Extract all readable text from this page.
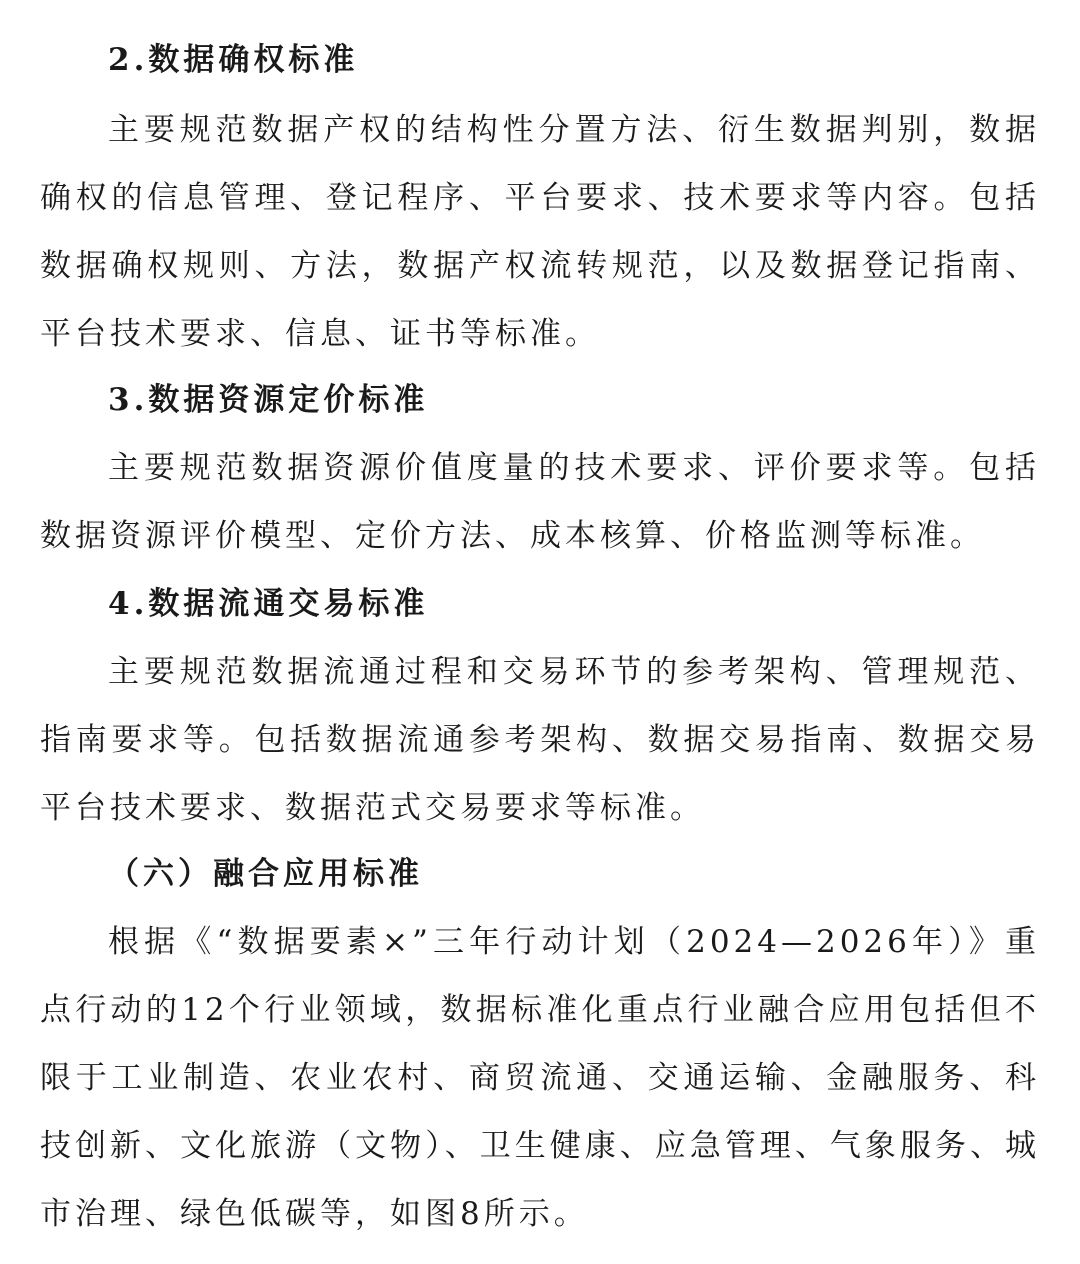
2.数据确权标准

主要规范数据产权的结构性分置方法、衍生数据判别，数据确权的信息管理、登记程序、平台要求、技术要求等内容。包括数据确权规则、方法，数据产权流转规范，以及数据登记指南、平台技术要求、信息、证书等标准。

3.数据资源定价标准

主要规范数据资源价值度量的技术要求、评价要求等。包括数据资源评价模型、定价方法、成本核算、价格监测等标准。

4.数据流通交易标准

主要规范数据流通过程和交易环节的参考架构、管理规范、指南要求等。包括数据流通参考架构、数据交易指南、数据交易平台技术要求、数据范式交易要求等标准。

（六）融合应用标准

根据《“数据要素×”三年行动计划（2024—2026年）》重点行动的12个行业领域，数据标准化重点行业融合应用包括但不限于工业制造、农业农村、商贸流通、交通运输、金融服务、科技创新、文化旅游（文物）、卫生健康、应急管理、气象服务、城市治理、绿色低碳等，如图8所示。
